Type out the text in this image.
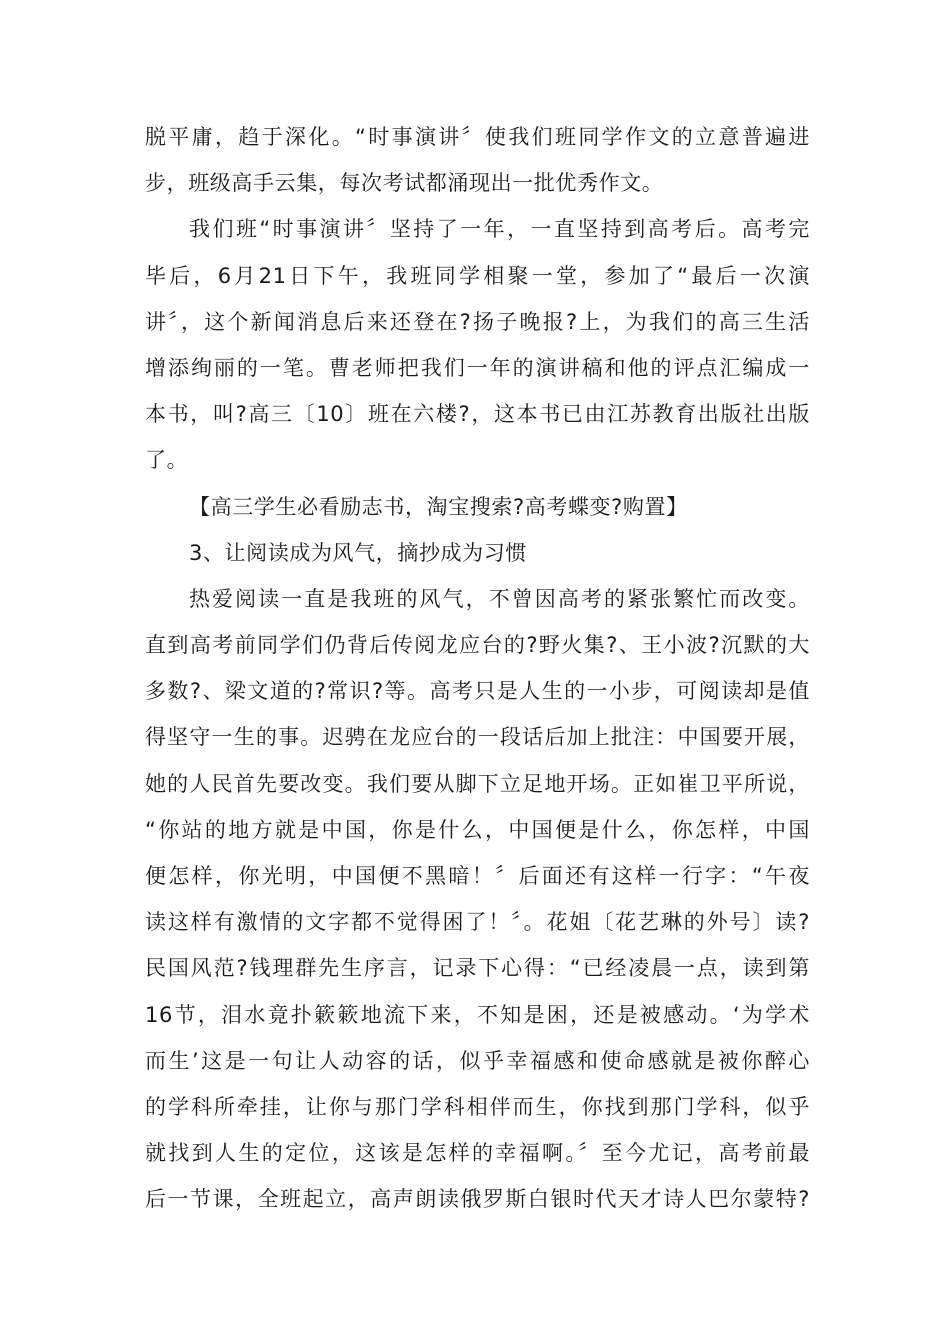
脱平庸，趋于深化。“时事演讲〞使我们班同学作文的立意普遍进
步，班级高手云集，每次考试都涌现出一批优秀作文。
我们班“时事演讲〞坚持了一年，一直坚持到高考后。高考完
毕后，6月21日下午，我班同学相聚一堂，参加了“最后一次演
讲〞，这个新闻消息后来还登在?扬子晚报?上，为我们的高三生活
增添绚丽的一笔。曹老师把我们一年的演讲稿和他的评点汇编成一
本书，叫?高三〔10〕班在六楼?，这本书已由江苏教育出版社出版
了。
【高三学生必看励志书，淘宝搜索?高考蝶变?购置】
3、让阅读成为风气，摘抄成为习惯
热爱阅读一直是我班的风气，不曾因高考的紧张繁忙而改变。
直到高考前同学们仍背后传阅龙应台的?野火集?、王小波?沉默的大
多数?、梁文道的?常识?等。高考只是人生的一小步，可阅读却是值
得坚守一生的事。迟骋在龙应台的一段话后加上批注：中国要开展，
她的人民首先要改变。我们要从脚下立足地开场。正如崔卫平所说，
“你站的地方就是中国，你是什么，中国便是什么，你怎样，中国
便怎样，你光明，中国便不黑暗！〞后面还有这样一行字：“午夜
读这样有激情的文字都不觉得困了！〞。花姐〔花艺琳的外号〕读?
民国风范?钱理群先生序言，记录下心得：“已经凌晨一点，读到第
16节，泪水竟扑簌簌地流下来，不知是困，还是被感动。‘为学术
而生’这是一句让人动容的话，似乎幸福感和使命感就是被你醉心
的学科所牵挂，让你与那门学科相伴而生，你找到那门学科，似乎
就找到人生的定位，这该是怎样的幸福啊。〞至今尤记，高考前最
后一节课，全班起立，高声朗读俄罗斯白银时代天才诗人巴尔蒙特?
